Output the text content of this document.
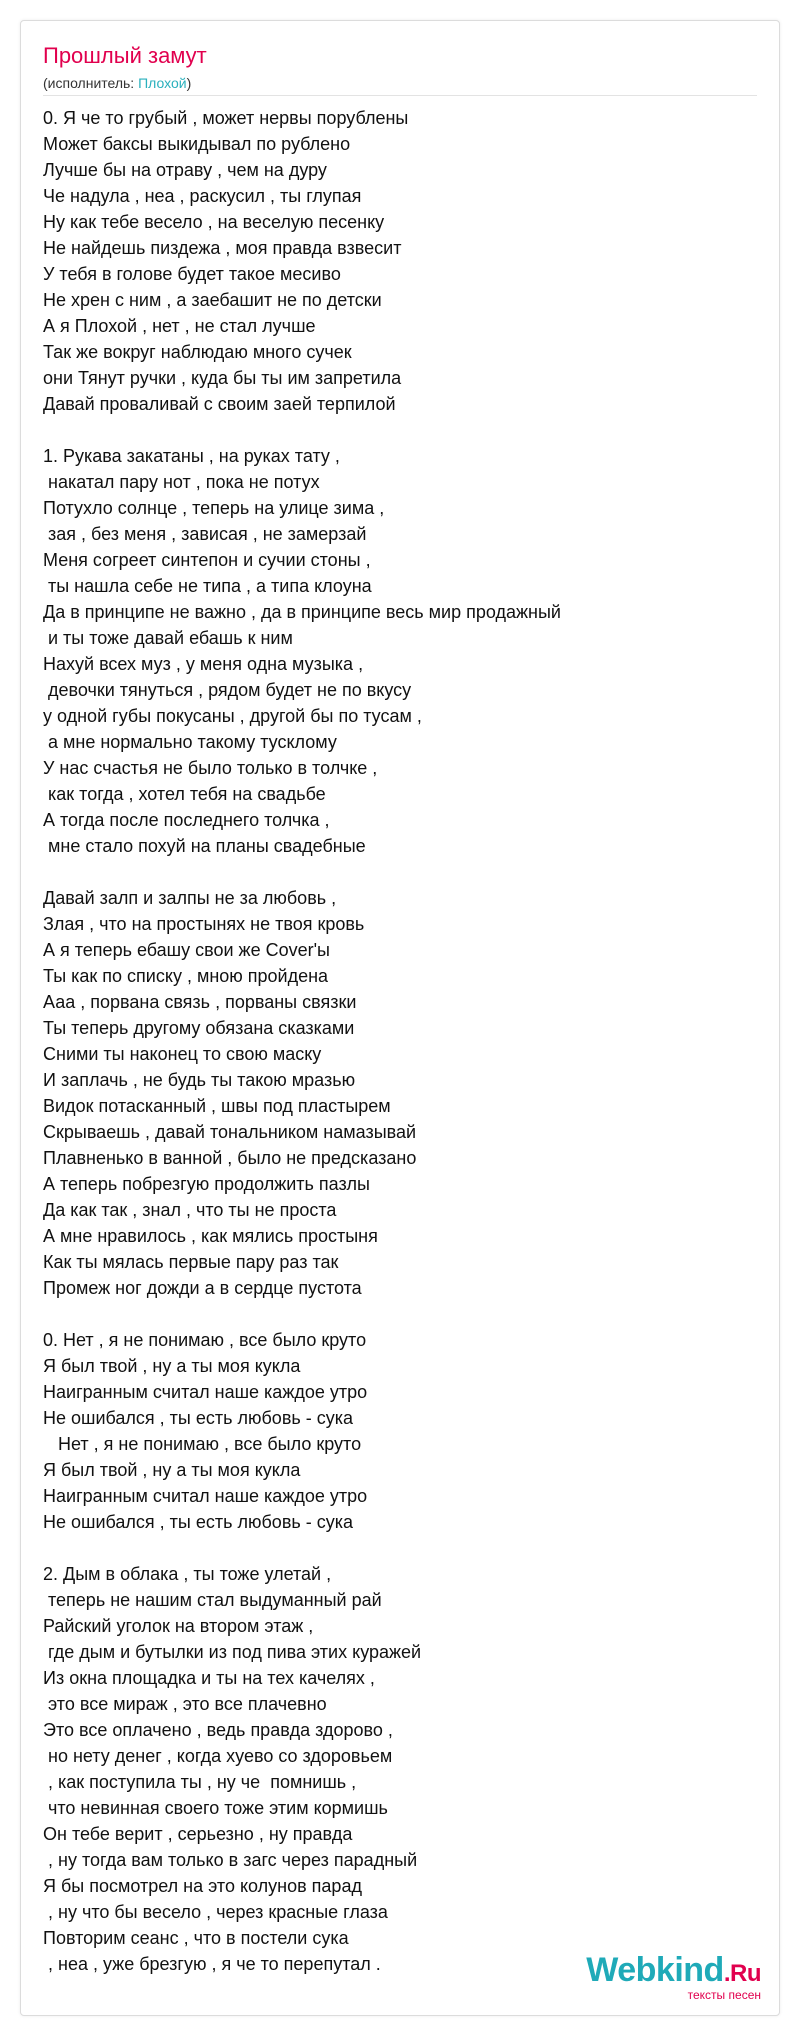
Прошлый замут
(исполнитель: Плохой)
0. Я че то грубый , может нервы порублены
Может баксы выкидывал по рублено
Лучше бы на отраву , чем на дуру
Че надула , неа , раскусил , ты глупая
Ну как тебе весело , на веселую песенку
Не найдешь пиздежа , моя правда взвесит
У тебя в голове будет такое месиво
Не хрен с ним , а заебашит не по детски
А я Плохой , нет , не стал лучше
Так же вокруг наблюдаю много сучек
они Тянут ручки , куда бы ты им запретила
Давай проваливай с своим заей терпилой
1. Рукава закатаны , на руках тату ,
накатал пару нот , пока не потух
Потухло солнце , теперь на улице зима ,
зая , без меня , зависая , не замерзай
Меня согреет синтепон и сучии стоны ,
ты нашла себе не типа , а типа клоуна
Да в принципе не важно , да в принципе весь мир продажный
и ты тоже давай ебашь к ним
Нахуй всех муз , у меня одна музыка ,
девочки тянуться , рядом будет не по вкусу
у одной губы покусаны , другой бы по тусам ,
а мне нормально такому тусклому
У нас счастья не было только в толчке ,
как тогда , хотел тебя на свадьбе
А тогда после последнего толчка ,
мне стало похуй на планы свадебные
Давай залп и залпы не за любовь ,
Злая , что на простынях не твоя кровь
А я теперь ебашу свои же Cover'ы
Ты как по списку , мною пройдена
Ааа , порвана связь , порваны связки
Ты теперь другому обязана сказками
Сними ты наконец то свою маску
И заплачь , не будь ты такою мразью
Видок потасканный , швы под пластырем
Скрываешь , давай тональником намазывай
Плавненько в ванной , было не предсказано
А теперь побрезгую продолжить пазлы
Да как так , знал , что ты не проста
А мне нравилось , как мялись простыня
Как ты мялась первые пару раз так
Промеж ног дожди а в сердце пустота
0. Нет , я не понимаю , все было круто
Я был твой , ну а ты моя кукла
Наигранным считал наше каждое утро
Не ошибался , ты есть любовь - сука
Нет , я не понимаю , все было круто
Я был твой , ну а ты моя кукла
Наигранным считал наше каждое утро
Не ошибался , ты есть любовь - сука
2. Дым в облака , ты тоже улетай ,
теперь не нашим стал выдуманный рай
Райский уголок на втором этаж ,
где дым и бутылки из под пива этих куражей
Из окна площадка и ты на тех качелях ,
это все мираж , это все плачевно
Это все оплачено , ведь правда здорово ,
но нету денег , когда хуево со здоровьем
, как поступила ты , ну че  помнишь ,
что невинная своего тоже этим кормишь
Он тебе верит , серьезно , ну правда
, ну тогда вам только в загс через парадный
Я бы посмотрел на это колунов парад
, ну что бы весело , через красные глаза
Повторим сеанс , что в постели сука
, неа , уже брезгую , я че то перепутал .	Webkind.Ru
тексты песен
